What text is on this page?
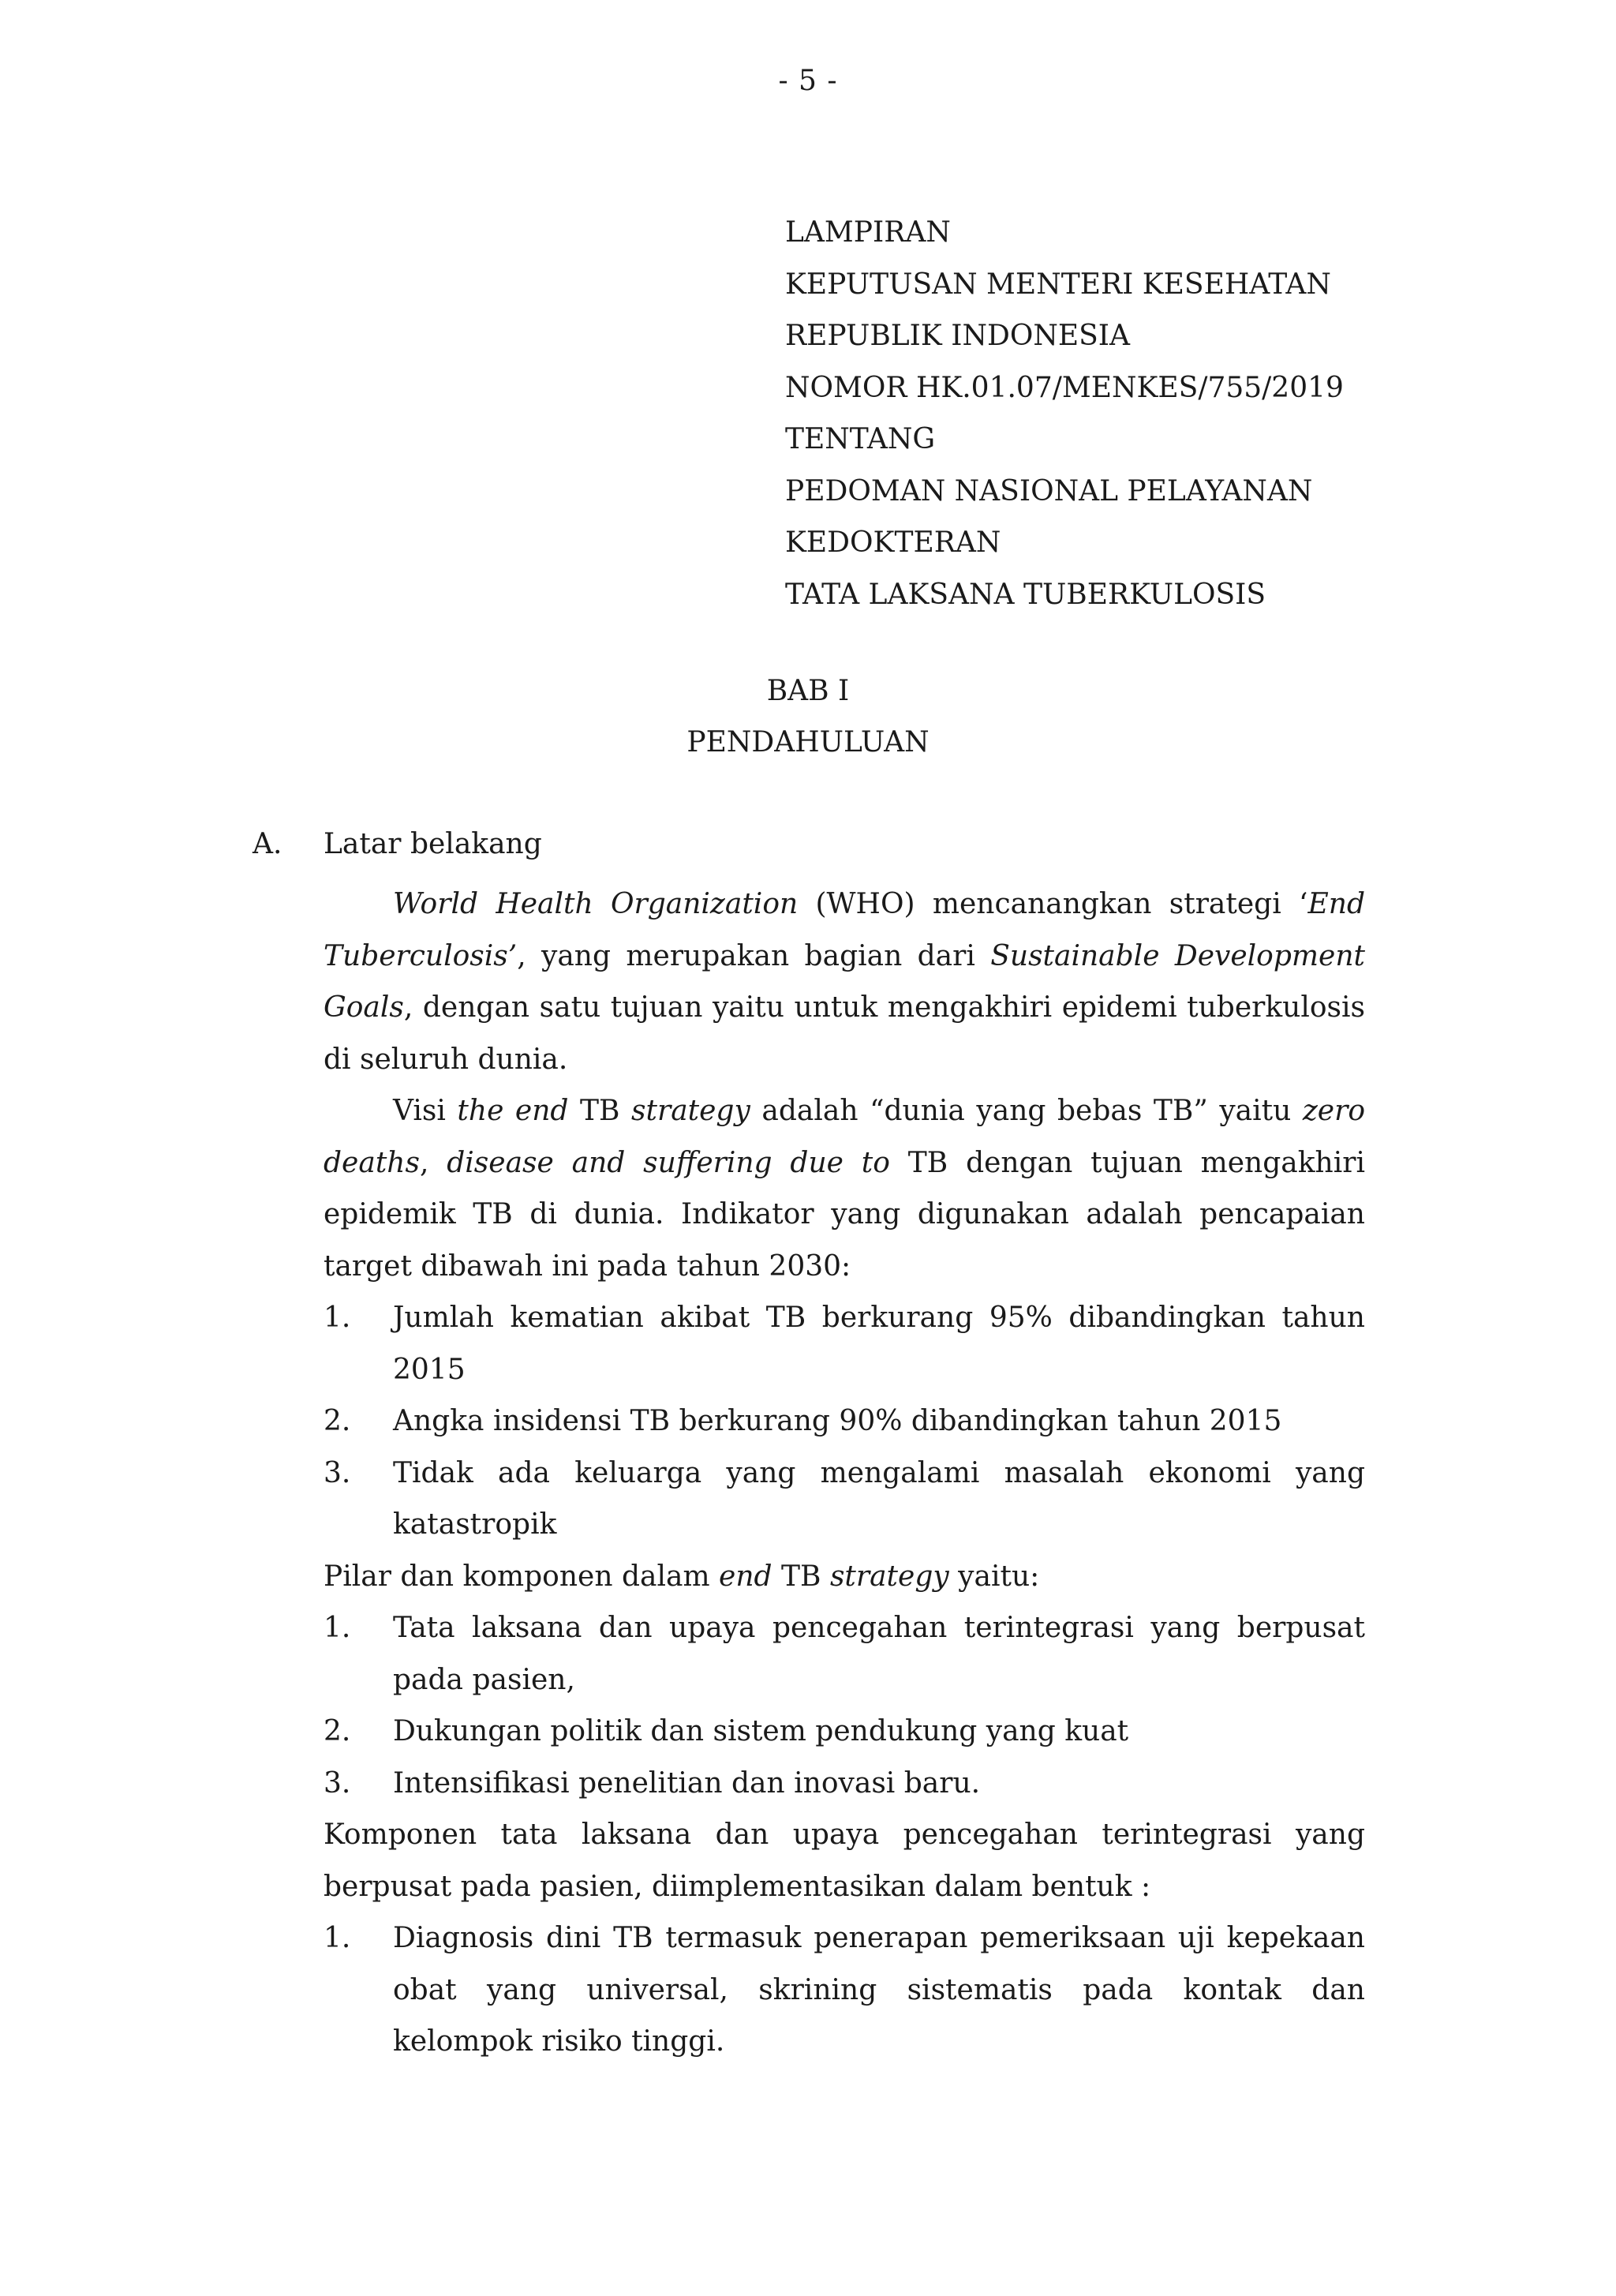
- 5 -
LAMPIRAN
KEPUTUSAN MENTERI KESEHATAN
REPUBLIK INDONESIA
NOMOR HK.01.07/MENKES/755/2019
TENTANG
PEDOMAN NASIONAL PELAYANAN
KEDOKTERAN
TATA LAKSANA TUBERKULOSIS
BAB I
PENDAHULUAN
A. Latar belakang

World Health Organization (WHO) mencanangkan strategi ‘End Tuberculosis’, yang merupakan bagian dari Sustainable Development Goals, dengan satu tujuan yaitu untuk mengakhiri epidemi tuberkulosis di seluruh dunia.

Visi the end TB strategy adalah “dunia yang bebas TB” yaitu zero deaths, disease and suffering due to TB dengan tujuan mengakhiri epidemik TB di dunia. Indikator yang digunakan adalah pencapaian target dibawah ini pada tahun 2030:

1. Jumlah kematian akibat TB berkurang 95% dibandingkan tahun 2015
2. Angka insidensi TB berkurang 90% dibandingkan tahun 2015
3. Tidak ada keluarga yang mengalami masalah ekonomi yang katastropik

Pilar dan komponen dalam end TB strategy yaitu:

1. Tata laksana dan upaya pencegahan terintegrasi yang berpusat pada pasien,
2. Dukungan politik dan sistem pendukung yang kuat
3. Intensifikasi penelitian dan inovasi baru.

Komponen tata laksana dan upaya pencegahan terintegrasi yang berpusat pada pasien, diimplementasikan dalam bentuk :

1. Diagnosis dini TB termasuk penerapan pemeriksaan uji kepekaan obat yang universal, skrining sistematis pada kontak dan kelompok risiko tinggi.
